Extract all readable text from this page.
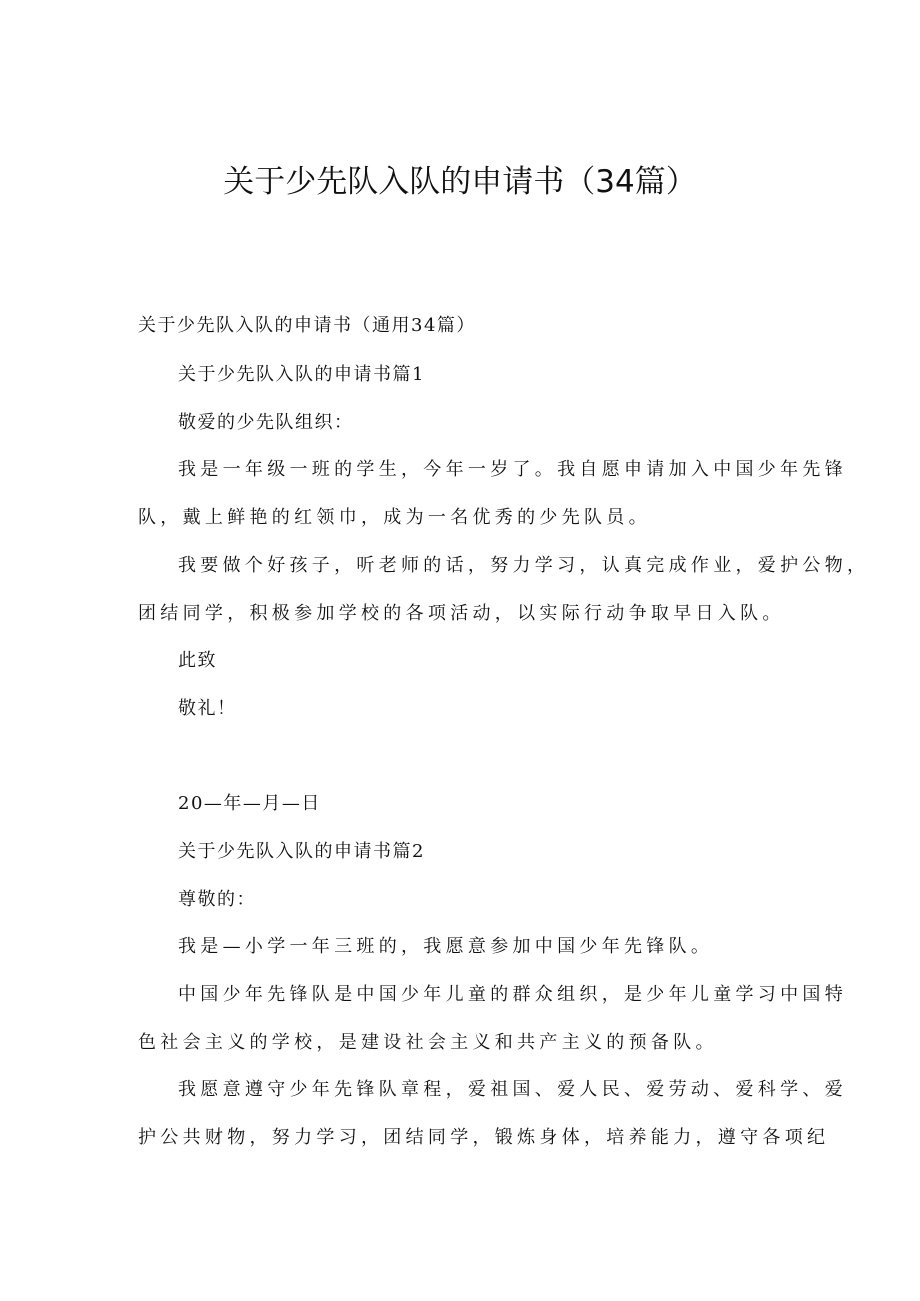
关于少先队入队的申请书（34篇）
关于少先队入队的申请书（通用34篇）
关于少先队入队的申请书篇1
敬爱的少先队组织：
我是一年级一班的学生，今年一岁了。我自愿申请加入中国少年先锋
队，戴上鲜艳的红领巾，成为一名优秀的少先队员。
我要做个好孩子，听老师的话，努力学习，认真完成作业，爱护公物，
团结同学，积极参加学校的各项活动，以实际行动争取早日入队。
此致
敬礼！
20—年—月—日
关于少先队入队的申请书篇2
尊敬的：
我是—小学一年三班的，我愿意参加中国少年先锋队。
中国少年先锋队是中国少年儿童的群众组织，是少年儿童学习中国特
色社会主义的学校，是建设社会主义和共产主义的预备队。
我愿意遵守少年先锋队章程，爱祖国、爱人民、爱劳动、爱科学、爱
护公共财物，努力学习，团结同学，锻炼身体，培养能力，遵守各项纪
